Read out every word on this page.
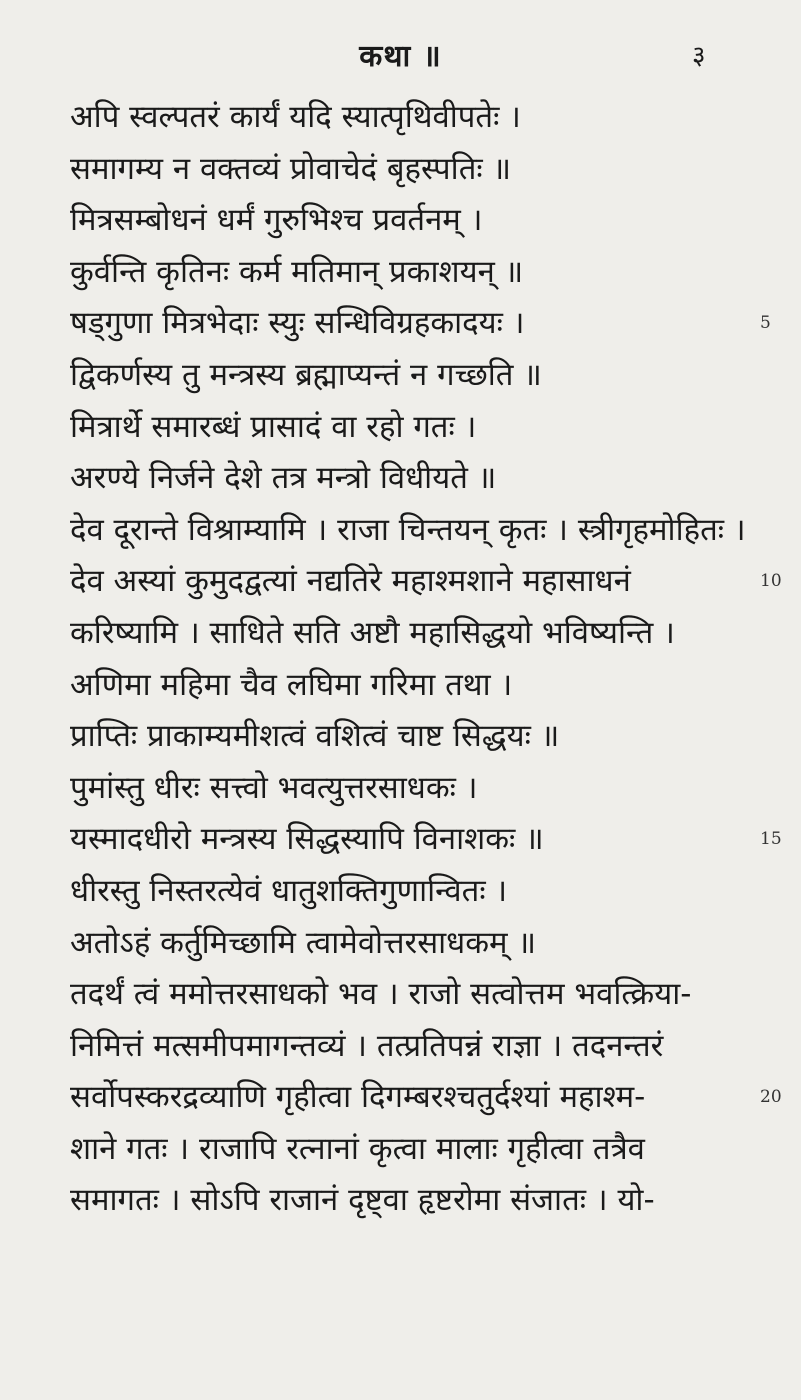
कथा ॥	३
अपि स्वल्पतरं कार्यं यदि स्यात्पृथिवीपतेः ।
समागम्य न वक्तव्यं प्रोवाचेदं बृहस्पतिः ॥
मित्रसम्बोधनं धर्मं गुरुभिश्च प्रवर्तनम् ।
कुर्वन्ति कृतिनः कर्म मतिमान् प्रकाशयन् ॥
षड्गुणा मित्रभेदाः स्युः सन्धिविग्रहकादयः ।
द्विकर्णस्य तु मन्त्रस्य ब्रह्माप्यन्तं न गच्छति ॥
मित्रार्थे समारब्धं प्रासादं वा रहो गतः ।
अरण्ये निर्जने देशे तत्र मन्त्रो विधीयते ॥
देव दूरान्ते विश्राम्यामि । राजा चिन्तयन् कृतः । स्त्रीगृहमोहितः ।
देव अस्यां कुमुदद्वत्यां नद्यतिरे महाश्मशाने महासाधनं
करिष्यामि । साधिते सति अष्टौ महासिद्धयो भविष्यन्ति ।
अणिमा महिमा चैव लघिमा गरिमा तथा ।
प्राप्तिः प्राकाम्यमीशत्वं वशित्वं चाष्ट सिद्धयः ॥
पुमांस्तु धीरः सत्त्वो भवत्युत्तरसाधकः ।
यस्मादधीरो मन्त्रस्य सिद्धस्यापि विनाशकः ॥
धीरस्तु निस्तरत्येवं धातुशक्तिगुणान्वितः ।
अतोऽहं कर्तुमिच्छामि त्वामेवोत्तरसाधकम् ॥
तदर्थं त्वं ममोत्तरसाधको भव । राजो सत्वोत्तम भवत्क्रिया-
निमित्तं मत्समीपमागन्तव्यं । तत्प्रतिपन्नं राज्ञा । तदनन्तरं
सर्वोपस्करद्रव्याणि गृहीत्वा दिगम्बरश्चतुर्दश्यां महाश्म-
शाने गतः । राजापि रत्नानां कृत्वा मालाः गृहीत्वा तत्रैव
समागतः । सोऽपि राजानं दृष्ट्वा हृष्टरोमा संजातः । यो-
5
10
15
20
